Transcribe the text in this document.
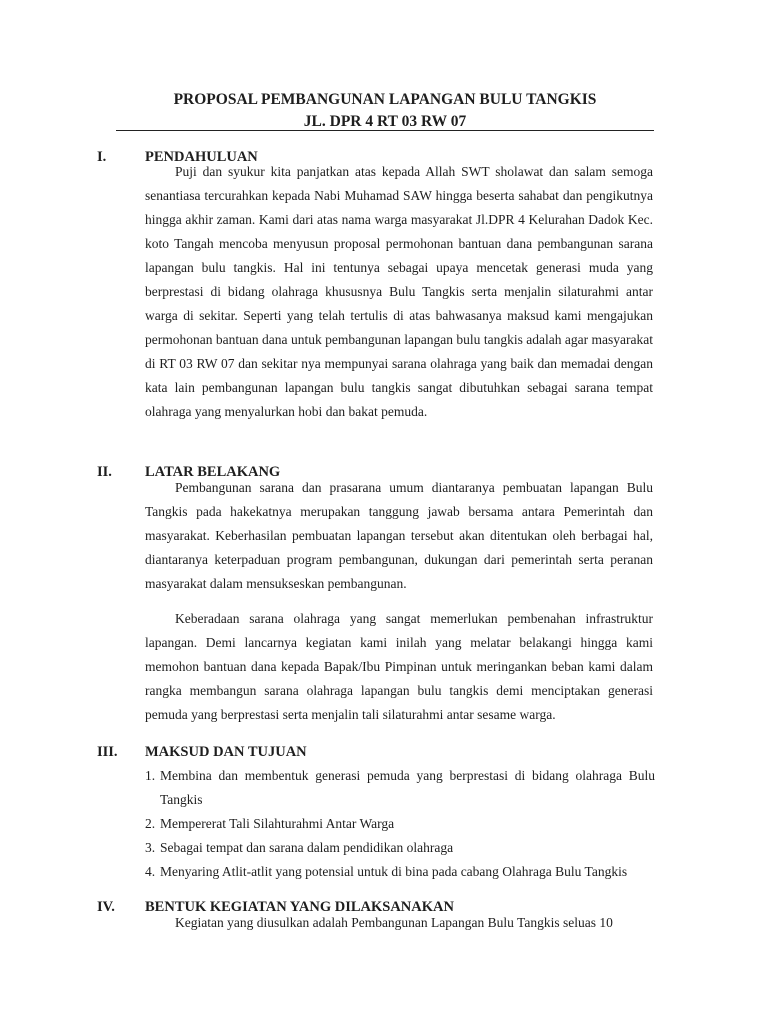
PROPOSAL PEMBANGUNAN LAPANGAN BULU TANGKIS
JL. DPR 4 RT 03 RW 07
I.	PENDAHULUAN

Puji dan syukur kita panjatkan atas kepada Allah SWT sholawat dan salam semoga senantiasa tercurahkan kepada Nabi Muhamad SAW hingga beserta sahabat dan pengikutnya hingga akhir zaman. Kami dari atas nama warga masyarakat Jl.DPR 4 Kelurahan Dadok Kec. koto Tangah mencoba menyusun proposal permohonan bantuan dana pembangunan sarana lapangan bulu tangkis. Hal ini tentunya sebagai upaya mencetak generasi muda yang berprestasi di bidang olahraga khususnya Bulu Tangkis serta menjalin silaturahmi antar warga di sekitar. Seperti yang telah tertulis di atas bahwasanya maksud kami mengajukan permohonan bantuan dana untuk pembangunan lapangan bulu tangkis adalah agar masyarakat di RT 03 RW 07 dan sekitar nya mempunyai sarana olahraga yang baik dan memadai dengan kata lain pembangunan lapangan bulu tangkis sangat dibutuhkan sebagai sarana tempat olahraga yang menyalurkan hobi dan bakat pemuda.

II. LATAR BELAKANG

Pembangunan sarana dan prasarana umum diantaranya pembuatan lapangan Bulu Tangkis pada hakekatnya merupakan tanggung jawab bersama antara Pemerintah dan masyarakat. Keberhasilan pembuatan lapangan tersebut akan ditentukan oleh berbagai hal, diantaranya keterpaduan program pembangunan, dukungan dari pemerintah serta peranan masyarakat dalam mensukseskan pembangunan.

Keberadaan sarana olahraga yang sangat memerlukan pembenahan infrastruktur lapangan. Demi lancarnya kegiatan kami inilah yang melatar belakangi hingga kami memohon bantuan dana kepada Bapak/Ibu Pimpinan untuk meringankan beban kami dalam rangka membangun sarana olahraga lapangan bulu tangkis demi menciptakan generasi pemuda yang berprestasi serta menjalin tali silaturahmi antar sesame warga.

III. MAKSUD DAN TUJUAN
1. Membina dan membentuk generasi pemuda yang berprestasi di bidang olahraga Bulu Tangkis
2. Mempererat Tali Silahturahmi Antar Warga
3. Sebagai tempat dan sarana dalam pendidikan olahraga
4. Menyaring Atlit-atlit yang potensial untuk di bina pada cabang Olahraga Bulu Tangkis
IV. BENTUK KEGIATAN YANG DILAKSANAKAN

Kegiatan yang diusulkan adalah Pembangunan Lapangan Bulu Tangkis seluas 10
